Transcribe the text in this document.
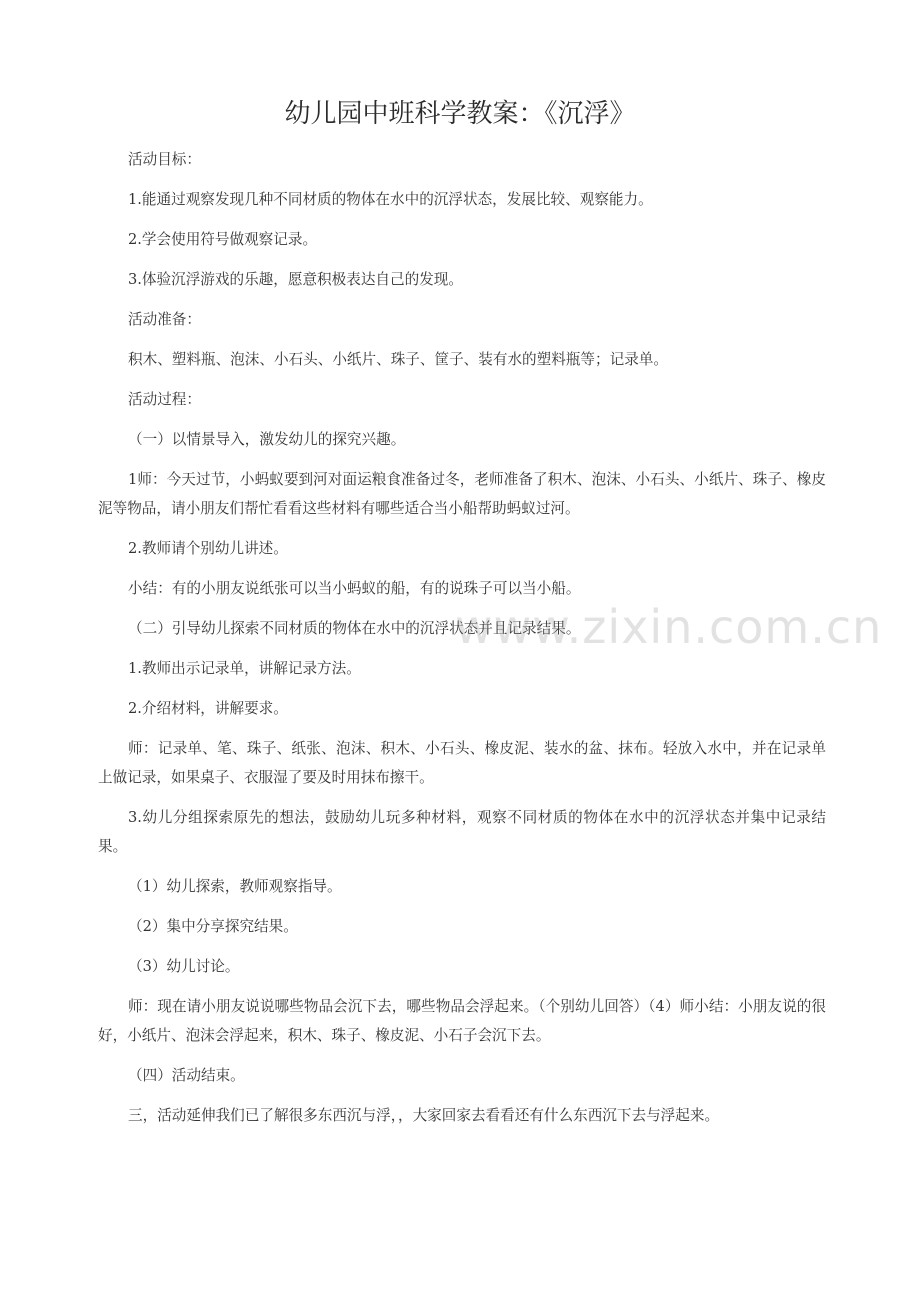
幼儿园中班科学教案：《沉浮》

活动目标：

1.能通过观察发现几种不同材质的物体在水中的沉浮状态，发展比较、观察能力。

2.学会使用符号做观察记录。

3.体验沉浮游戏的乐趣，愿意积极表达自己的发现。

活动准备：

积木、塑料瓶、泡沫、小石头、小纸片、珠子、筐子、装有水的塑料瓶等；记录单。

活动过程：

（一）以情景导入，激发幼儿的探究兴趣。

1师：今天过节，小蚂蚁要到河对面运粮食准备过冬，老师准备了积木、泡沫、小石头、小纸片、珠子、橡皮泥等物品，请小朋友们帮忙看看这些材料有哪些适合当小船帮助蚂蚁过河。

2.教师请个别幼儿讲述。

小结：有的小朋友说纸张可以当小蚂蚁的船，有的说珠子可以当小船。

（二）引导幼儿探索不同材质的物体在水中的沉浮状态并且记录结果。

1.教师出示记录单，讲解记录方法。

2.介绍材料，讲解要求。

师：记录单、笔、珠子、纸张、泡沫、积木、小石头、橡皮泥、装水的盆、抹布。轻放入水中，并在记录单上做记录，如果桌子、衣服湿了要及时用抹布擦干。

3.幼儿分组探索原先的想法，鼓励幼儿玩多种材料，观察不同材质的物体在水中的沉浮状态并集中记录结果。

（1）幼儿探索，教师观察指导。

（2）集中分享探究结果。

（3）幼儿讨论。

师：现在请小朋友说说哪些物品会沉下去，哪些物品会浮起来。（个别幼儿回答）（4）师小结：小朋友说的很好，小纸片、泡沫会浮起来，积木、珠子、橡皮泥、小石子会沉下去。

（四）活动结束。

三，活动延伸我们已了解很多东西沉与浮，，大家回家去看看还有什么东西沉下去与浮起来。

www.zixin.com.cn
